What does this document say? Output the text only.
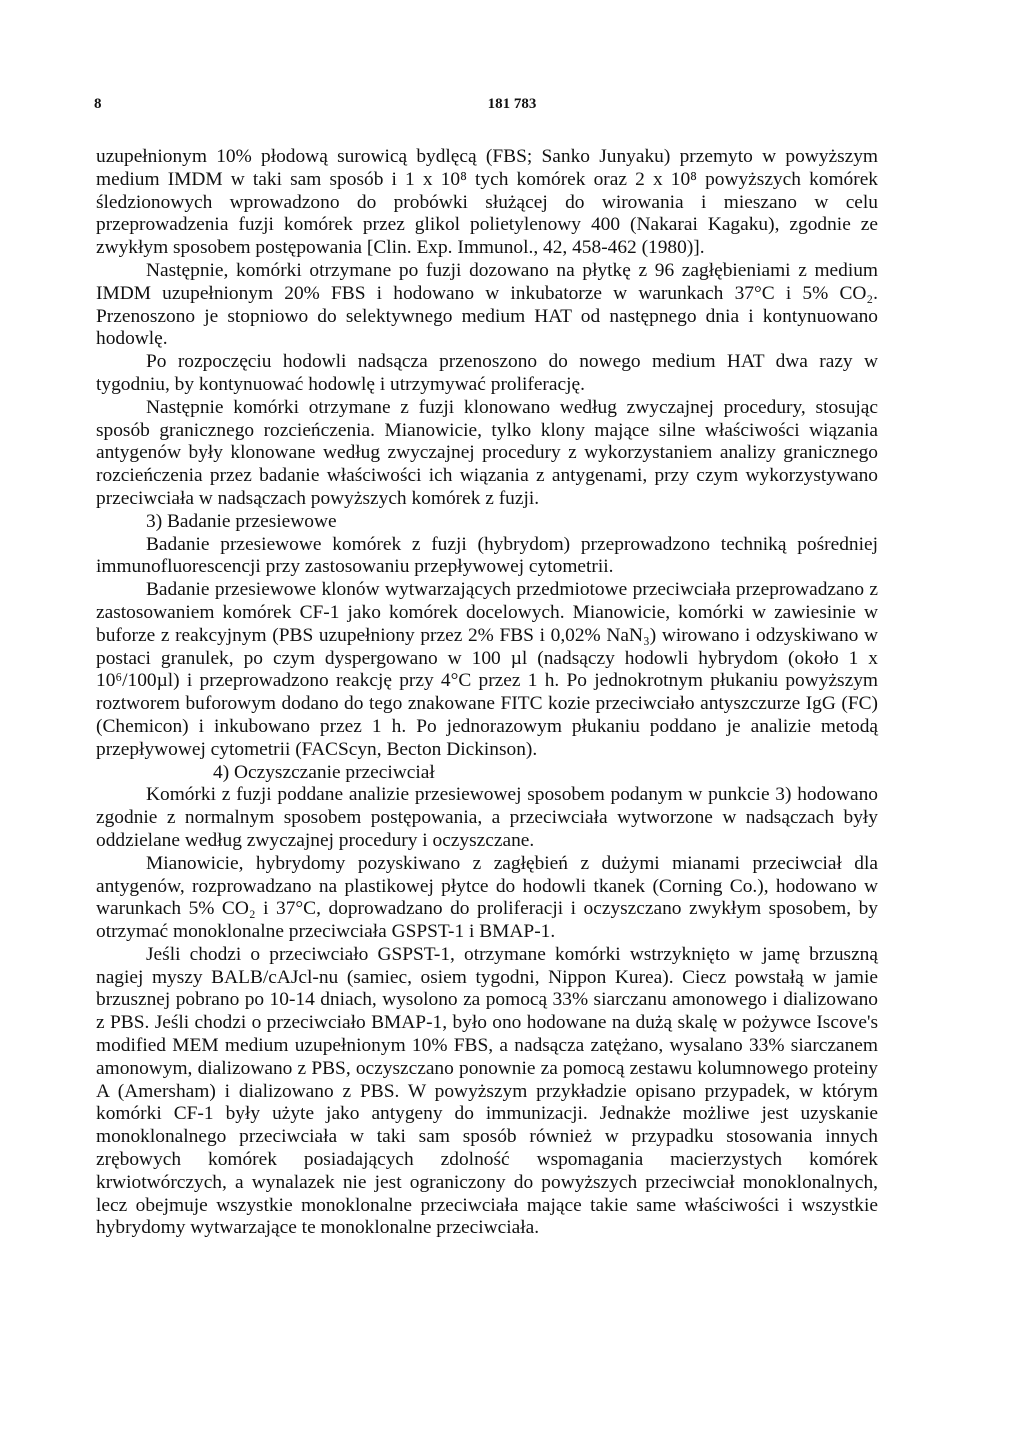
8	181 783

uzupełnionym 10% płodową surowicą bydlęcą (FBS; Sanko Junyaku) przemyto w powyższym medium IMDM w taki sam sposób i 1 x 10⁸ tych komórek oraz 2 x 10⁸ powyższych komórek śledzionowych wprowadzono do probówki służącej do wirowania i mieszano w celu przeprowadzenia fuzji komórek przez glikol polietylenowy 400 (Nakarai Kagaku), zgodnie ze zwykłym sposobem postępowania [Clin. Exp. Immunol., 42, 458-462 (1980)].

Następnie, komórki otrzymane po fuzji dozowano na płytkę z 96 zagłębieniami z medium IMDM uzupełnionym 20% FBS i hodowano w inkubatorze w warunkach 37°C i 5% CO₂. Przenoszono je stopniowo do selektywnego medium HAT od następnego dnia i kontynuowano hodowlę.

Po rozpoczęciu hodowli nadsącza przenoszono do nowego medium HAT dwa razy w tygodniu, by kontynuować hodowlę i utrzymywać proliferację.

Następnie komórki otrzymane z fuzji klonowano według zwyczajnej procedury, stosując sposób granicznego rozcieńczenia. Mianowicie, tylko klony mające silne właściwości wiązania antygenów były klonowane według zwyczajnej procedury z wykorzystaniem analizy granicznego rozcieńczenia przez badanie właściwości ich wiązania z antygenami, przy czym wykorzystywano przeciwciała w nadsączach powyższych komórek z fuzji.

3) Badanie przesiewowe

Badanie przesiewowe komórek z fuzji (hybrydom) przeprowadzono techniką pośredniej immunofluorescencji przy zastosowaniu przepływowej cytometrii.

Badanie przesiewowe klonów wytwarzających przedmiotowe przeciwciała przeprowadzano z zastosowaniem komórek CF-1 jako komórek docelowych. Mianowicie, komórki w zawiesinie w buforze z reakcyjnym (PBS uzupełniony przez 2% FBS i 0,02% NaN₃) wirowano i odzyskiwano w postaci granulek, po czym dyspergowano w 100 µl (nadsączy hodowli hybrydom (około 1 x 10⁶/100µl) i przeprowadzono reakcję przy 4°C przez 1 h. Po jednokrotnym płukaniu powyższym roztworem buforowym dodano do tego znakowane FITC kozie przeciwciało antyszczurze IgG (FC) (Chemicon) i inkubowano przez 1 h. Po jednorazowym płukaniu poddano je analizie metodą przepływowej cytometrii (FACScyn, Becton Dickinson).

4) Oczyszczanie przeciwciał

Komórki z fuzji poddane analizie przesiewowej sposobem podanym w punkcie 3) hodowano zgodnie z normalnym sposobem postępowania, a przeciwciała wytworzone w nadsączach były oddzielane według zwyczajnej procedury i oczyszczane.

Mianowicie, hybrydomy pozyskiwano z zagłębień z dużymi mianami przeciwciał dla antygenów, rozprowadzano na plastikowej płytce do hodowli tkanek (Corning Co.), hodowano w warunkach 5% CO₂ i 37°C, doprowadzano do proliferacji i oczyszczano zwykłym sposobem, by otrzymać monoklonalne przeciwciała GSPST-1 i BMAP-1.

Jeśli chodzi o przeciwciało GSPST-1, otrzymane komórki wstrzyknięto w jamę brzuszną nagiej myszy BALB/cAJcl-nu (samiec, osiem tygodni, Nippon Kurea). Ciecz powstałą w jamie brzusznej pobrano po 10-14 dniach, wysolono za pomocą 33% siarczanu amonowego i dializowano z PBS. Jeśli chodzi o przeciwciało BMAP-1, było ono hodowane na dużą skalę w pożywce Iscove's modified MEM medium uzupełnionym 10% FBS, a nadsącza zatężano, wysalano 33% siarczanem amonowym, dializowano z PBS, oczyszczano ponownie za pomocą zestawu kolumnowego proteiny A (Amersham) i dializowano z PBS. W powyższym przykładzie opisano przypadek, w którym komórki CF-1 były użyte jako antygeny do immunizacji. Jednakże możliwe jest uzyskanie monoklonalnego przeciwciała w taki sam sposób również w przypadku stosowania innych zrębowych komórek posiadających zdolność wspomagania macierzystych komórek krwiotwórczych, a wynalazek nie jest ograniczony do powyższych przeciwciał monoklonalnych, lecz obejmuje wszystkie monoklonalne przeciwciała mające takie same właściwości i wszystkie hybrydomy wytwarzające te monoklonalne przeciwciała.
